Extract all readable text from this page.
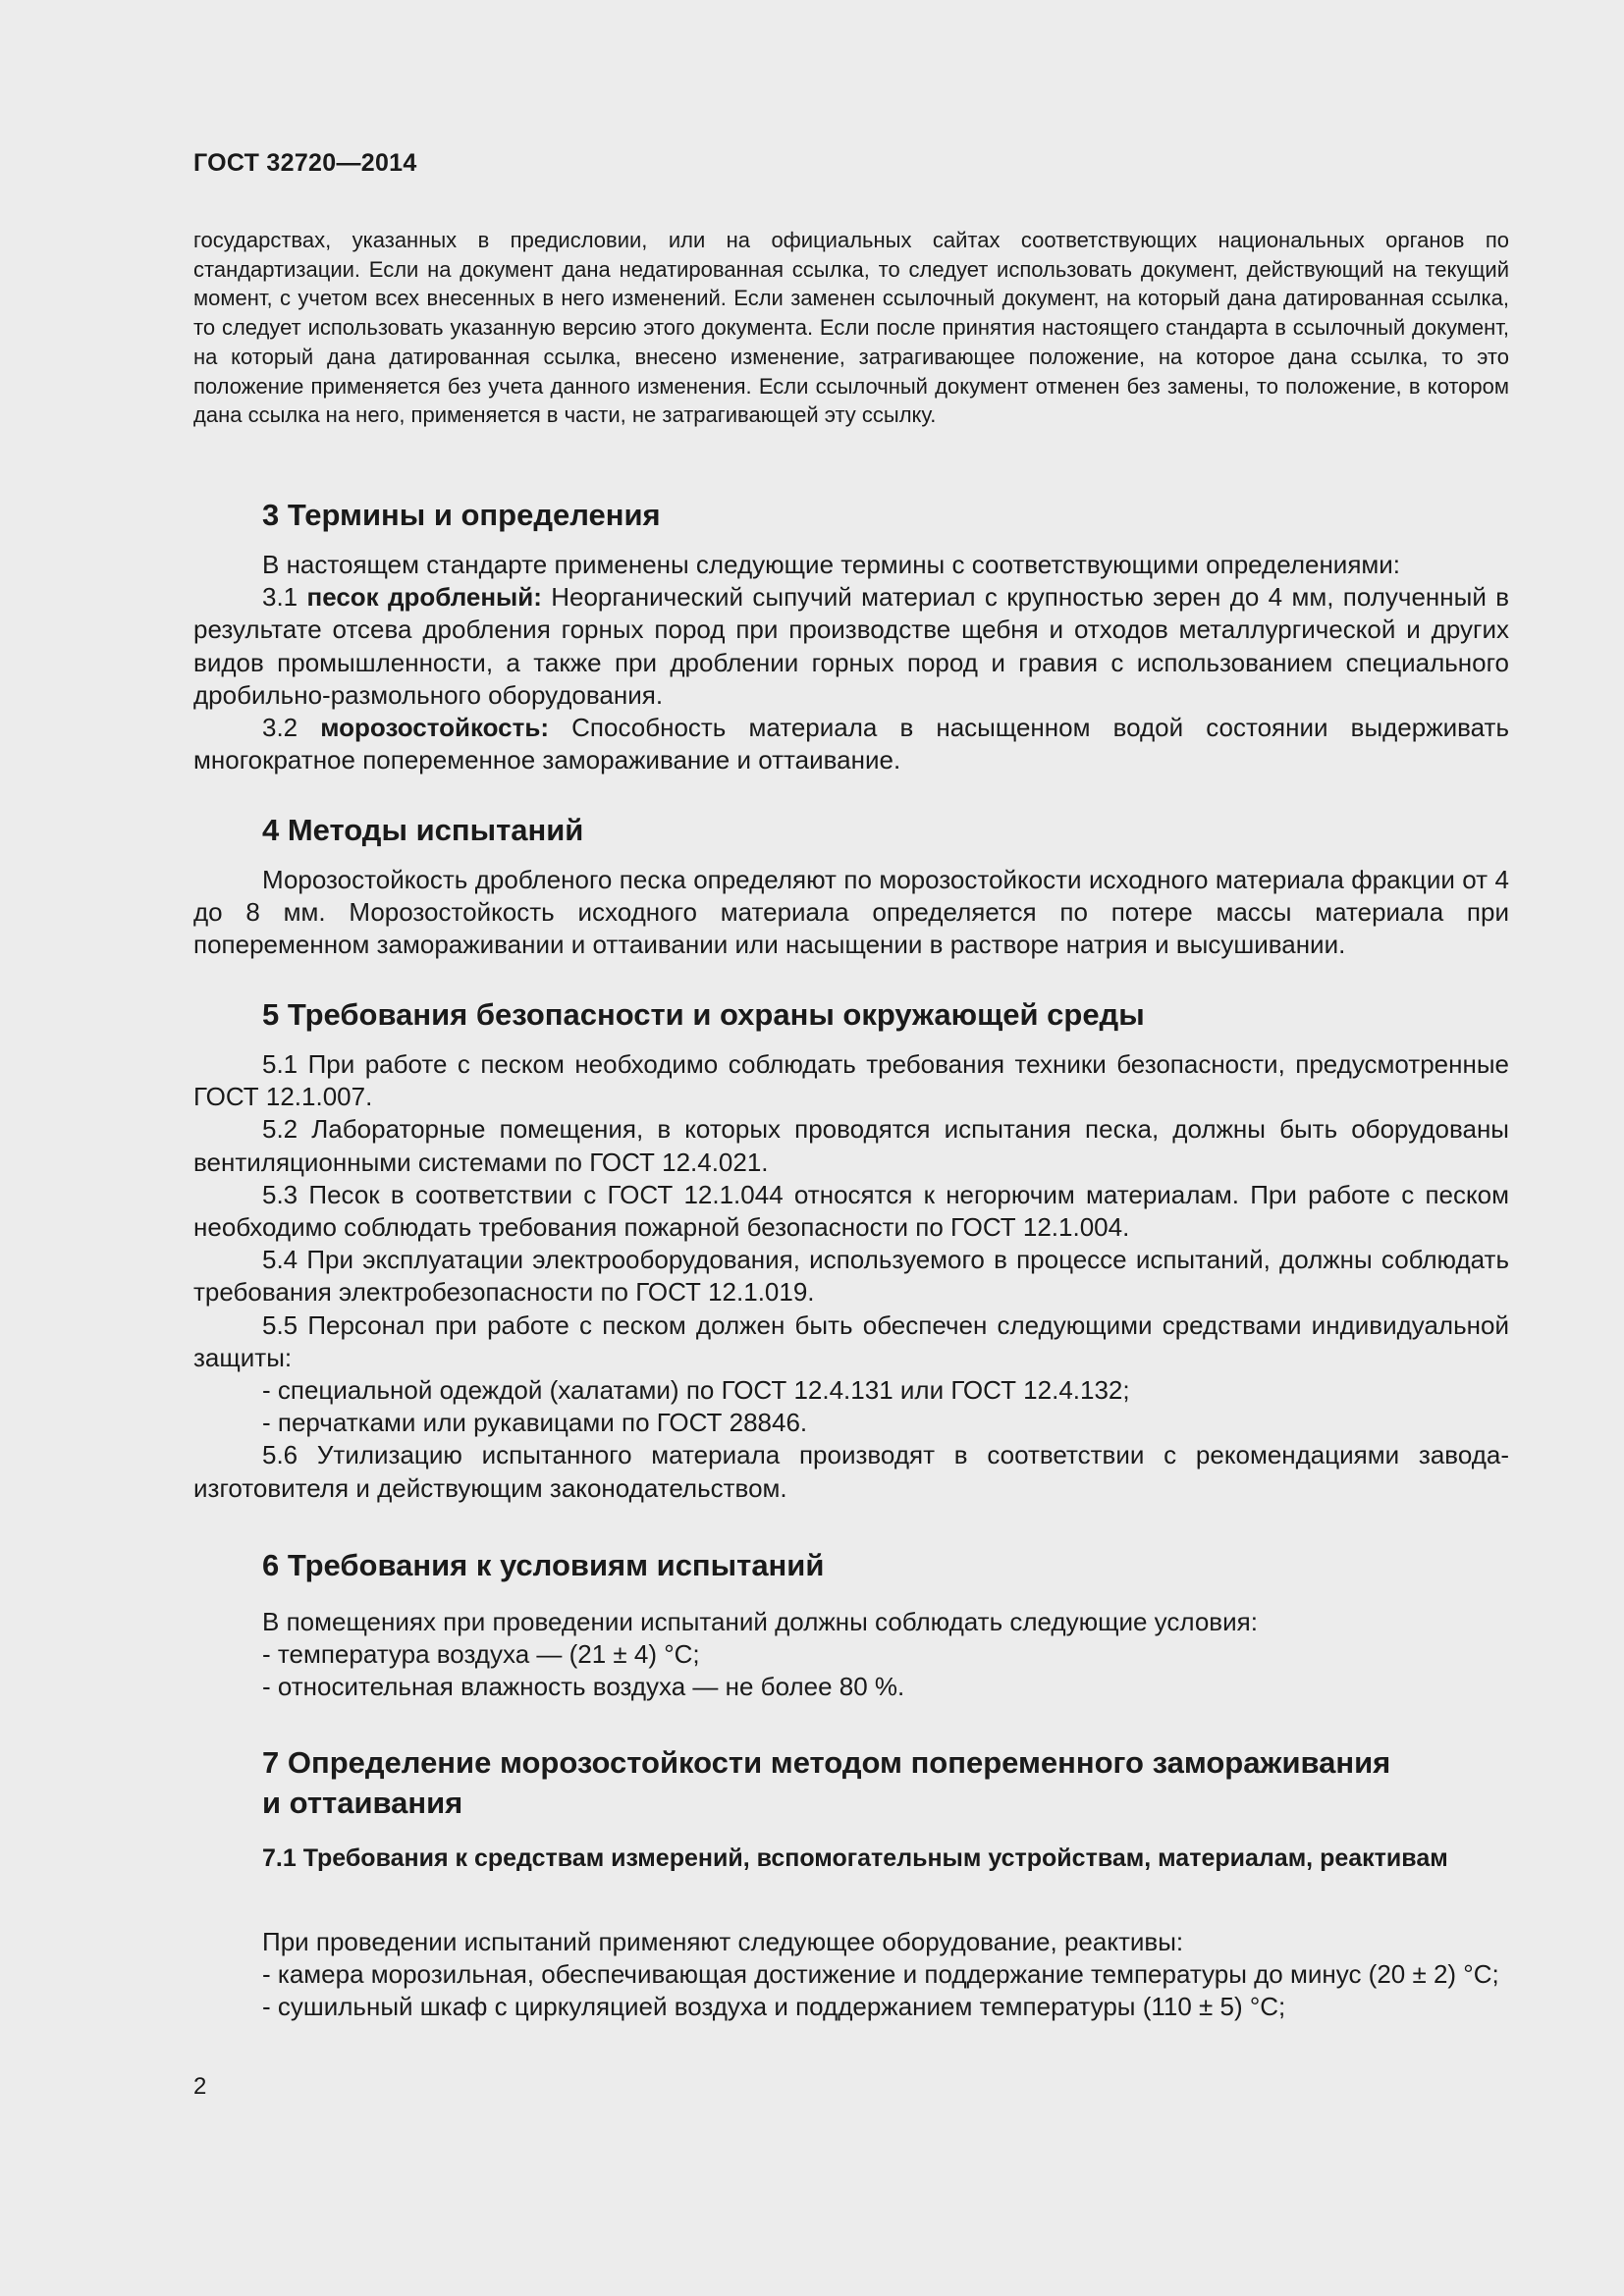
ГОСТ 32720—2014
государствах, указанных в предисловии, или на официальных сайтах соответствующих национальных органов по стандартизации. Если на документ дана недатированная ссылка, то следует использовать документ, действующий на текущий момент, с учетом всех внесенных в него изменений. Если заменен ссылочный документ, на который дана датированная ссылка, то следует использовать указанную версию этого документа. Если после принятия настоящего стандарта в ссылочный документ, на который дана датированная ссылка, внесено изменение, затрагивающее положение, на которое дана ссылка, то это положение применяется без учета данного изменения. Если ссылочный документ отменен без замены, то положение, в котором дана ссылка на него, применяется в части, не затрагивающей эту ссылку.
3 Термины и определения

В настоящем стандарте применены следующие термины с соответствующими определениями:

3.1 песок дробленый: Неорганический сыпучий материал с крупностью зерен до 4 мм, полученный в результате отсева дробления горных пород при производстве щебня и отходов металлургической и других видов промышленности, а также при дроблении горных пород и гравия с использованием специального дробильно-размольного оборудования.

3.2 морозостойкость: Способность материала в насыщенном водой состоянии выдерживать многократное попеременное замораживание и оттаивание.

4 Методы испытаний

Морозостойкость дробленого песка определяют по морозостойкости исходного материала фракции от 4 до 8 мм. Морозостойкость исходного материала определяется по потере массы материала при попеременном замораживании и оттаивании или насыщении в растворе натрия и высушивании.

5 Требования безопасности и охраны окружающей среды

5.1 При работе с песком необходимо соблюдать требования техники безопасности, предусмотренные ГОСТ 12.1.007.

5.2 Лабораторные помещения, в которых проводятся испытания песка, должны быть оборудованы вентиляционными системами по ГОСТ 12.4.021.

5.3 Песок в соответствии с ГОСТ 12.1.044 относятся к негорючим материалам. При работе с песком необходимо соблюдать требования пожарной безопасности по ГОСТ 12.1.004.

5.4 При эксплуатации электрооборудования, используемого в процессе испытаний, должны соблюдать требования электробезопасности по ГОСТ 12.1.019.

5.5 Персонал при работе с песком должен быть обеспечен следующими средствами индивидуальной защиты:

- специальной одеждой (халатами) по ГОСТ 12.4.131 или ГОСТ 12.4.132;

- перчатками или рукавицами по ГОСТ 28846.

5.6 Утилизацию испытанного материала производят в соответствии с рекомендациями завода-изготовителя и действующим законодательством.

6 Требования к условиям испытаний

В помещениях при проведении испытаний должны соблюдать следующие условия:

- температура воздуха — (21 ± 4) °С;

- относительная влажность воздуха — не более 80 %.

7 Определение морозостойкости методом попеременного замораживания
и оттаивания
7.1 Требования к средствам измерений, вспомогательным устройствам, материалам, реактивам

При проведении испытаний применяют следующее оборудование, реактивы:

- камера морозильная, обеспечивающая достижение и поддержание температуры до минус (20 ± 2) °С;

- сушильный шкаф с циркуляцией воздуха и поддержанием температуры (110 ± 5) °С;

2
